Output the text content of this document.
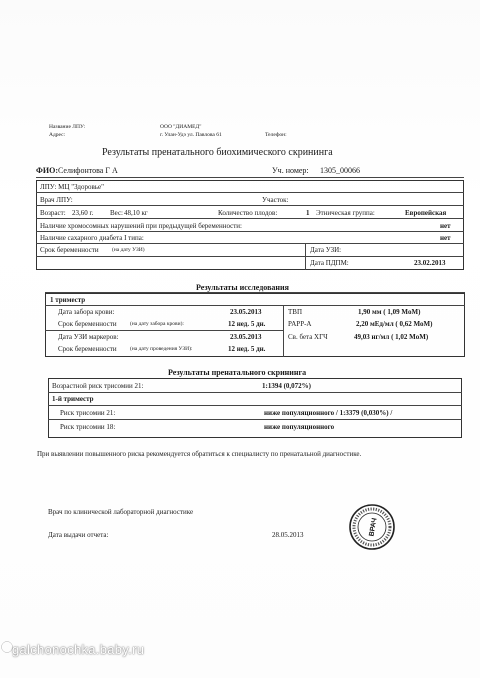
Название ЛПУ:	ООО "ДИАМЕД"
Адрес:	г. Улан-Удэ ул. Павлова 61	Телефон:
Результаты пренатального биохимического скрининга
ФИО: Селифонтова Г А	Уч. номер: 1305_00066
ЛПУ: МЦ "Здоровье"
Врач ЛПУ:	Участок:
Возраст: 23,60 г. Вес: 48,10 кг	Количество плодов:	1 Этническая группа:	Европейская
Наличие хромосомных нарушений при предыдущей беременности:	нет
Наличие сахарного диабета I типа:	нет
Срок беременности (на дату УЗИ)	Дата УЗИ:
Дата ПДПМ:	23.02.2013
Результаты исследования
1 триместр
Дата забора крови:	23.05.2013
Срок беременности (на дату забора крови):	12 нед. 5 дн.
Дата УЗИ маркеров:	23.05.2013
Срок беременности (на дату проведения УЗИ):	12 нед. 5 дн.
ТВП	1,90 мм ( 1,09 MoM)
PAPP-A	2,20 мЕд/мл ( 0,62 MoM)
Св. бета ХГЧ	49,03 нг/мл ( 1,02 MoM)
Результаты пренатального скрининга
Возрастной риск трисомии 21:	1:1394 (0,072%)
1-й триместр
Риск трисомии 21:	ниже популяционного / 1:3379 (0,030%) /
Риск трисомии 18:	ниже популяционного
При выявлении повышенного риска рекомендуется обратиться к специалисту по пренатальной диагностике.
Врач по клинической лабораторной диагностике
Дата выдачи отчета:	28.05.2013	ВРАЧ
galchonochka.baby.ru
